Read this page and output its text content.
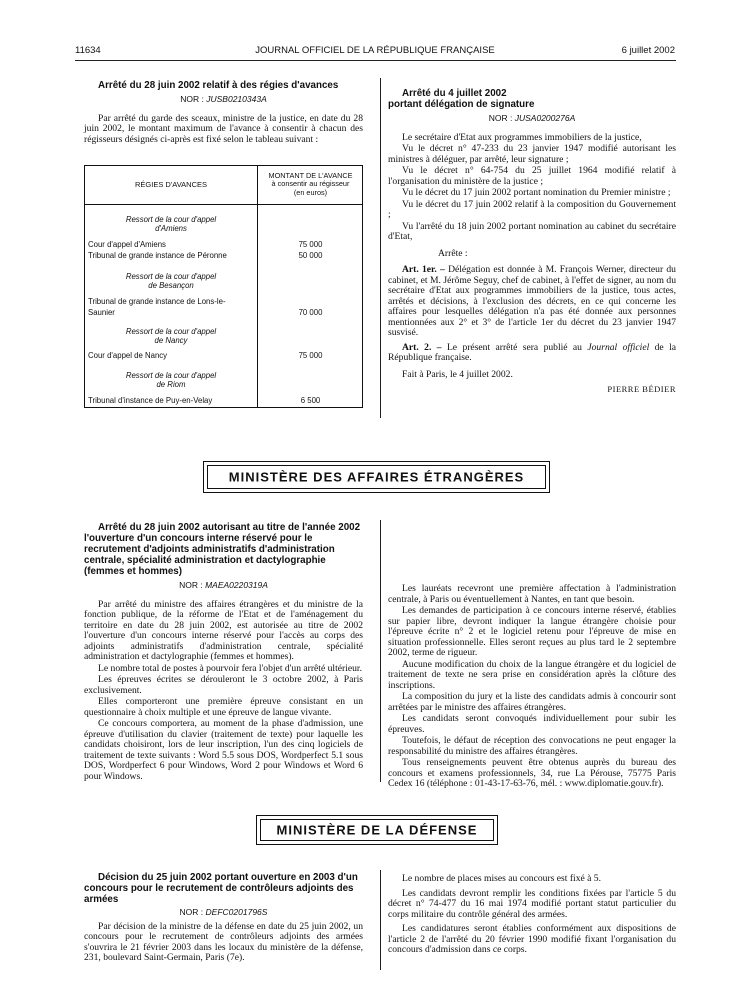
11634	JOURNAL OFFICIEL DE LA RÉPUBLIQUE FRANÇAISE	6 juillet 2002

Arrêté du 28 juin 2002 relatif à des régies d'avances

NOR : JUSB0210343A

Par arrêté du garde des sceaux, ministre de la justice, en date du 28 juin 2002, le montant maximum de l'avance à consentir à chacun des régisseurs désignés ci-après est fixé selon le tableau suivant :

RÉGIES D'AVANCES
MONTANT DE L'AVANCE
à consentir au régisseur
(en euros)
Ressort de la cour d'appel
d'Amiens
Cour d'appel d'Amiens	75 000
Tribunal de grande instance de Péronne	50 000
Ressort de la cour d'appel
de Besançon
Tribunal de grande instance de Lons-le-
Saunier	70 000
Ressort de la cour d'appel
de Nancy
Cour d'appel de Nancy	75 000
Ressort de la cour d'appel
de Riom
Tribunal d'instance de Puy-en-Velay	6 500

Arrêté du 4 juillet 2002
portant délégation de signature

NOR : JUSA0200276A

Le secrétaire d'Etat aux programmes immobiliers de la justice,

Vu le décret n° 47-233 du 23 janvier 1947 modifié autorisant les ministres à déléguer, par arrêté, leur signature ;

Vu le décret n° 64-754 du 25 juillet 1964 modifié relatif à l'organisation du ministère de la justice ;

Vu le décret du 17 juin 2002 portant nomination du Premier ministre ;

Vu le décret du 17 juin 2002 relatif à la composition du Gouvernement ;

Vu l'arrêté du 18 juin 2002 portant nomination au cabinet du secrétaire d'Etat,

Arrête :

Art. 1er. – Délégation est donnée à M. François Werner, directeur du cabinet, et M. Jérôme Seguy, chef de cabinet, à l'effet de signer, au nom du secrétaire d'Etat aux programmes immobiliers de la justice, tous actes, arrêtés et décisions, à l'exclusion des décrets, en ce qui concerne les affaires pour lesquelles délégation n'a pas été donnée aux personnes mentionnées aux 2° et 3° de l'article 1er du décret du 23 janvier 1947 susvisé.

Art. 2. – Le présent arrêté sera publié au Journal officiel de la République française.

Fait à Paris, le 4 juillet 2002.

PIERRE BÉDIER
MINISTÈRE DES AFFAIRES ÉTRANGÈRES

Arrêté du 28 juin 2002 autorisant au titre de l'année 2002 l'ouverture d'un concours interne réservé pour le recrutement d'adjoints administratifs d'administration centrale, spécialité administration et dactylographie (femmes et hommes)

NOR : MAEA0220319A

Par arrêté du ministre des affaires étrangères et du ministre de la fonction publique, de la réforme de l'Etat et de l'aménagement du territoire en date du 28 juin 2002, est autorisée au titre de 2002 l'ouverture d'un concours interne réservé pour l'accès au corps des adjoints administratifs d'administration centrale, spécialité administration et dactylographie (femmes et hommes).

Le nombre total de postes à pourvoir fera l'objet d'un arrêté ultérieur.

Les épreuves écrites se dérouleront le 3 octobre 2002, à Paris exclusivement.

Elles comporteront une première épreuve consistant en un questionnaire à choix multiple et une épreuve de langue vivante.

Ce concours comportera, au moment de la phase d'admission, une épreuve d'utilisation du clavier (traitement de texte) pour laquelle les candidats choisiront, lors de leur inscription, l'un des cinq logiciels de traitement de texte suivants : Word 5.5 sous DOS, Wordperfect 5.1 sous DOS, Wordperfect 6 pour Windows, Word 2 pour Windows et Word 6 pour Windows.

Les lauréats recevront une première affectation à l'administration centrale, à Paris ou éventuellement à Nantes, en tant que besoin.

Les demandes de participation à ce concours interne réservé, établies sur papier libre, devront indiquer la langue étrangère choisie pour l'épreuve écrite n° 2 et le logiciel retenu pour l'épreuve de mise en situation professionnelle. Elles seront reçues au plus tard le 2 septembre 2002, terme de rigueur.

Aucune modification du choix de la langue étrangère et du logiciel de traitement de texte ne sera prise en considération après la clôture des inscriptions.

La composition du jury et la liste des candidats admis à concourir sont arrêtées par le ministre des affaires étrangères.

Les candidats seront convoqués individuellement pour subir les épreuves.

Toutefois, le défaut de réception des convocations ne peut engager la responsabilité du ministre des affaires étrangères.

Tous renseignements peuvent être obtenus auprès du bureau des concours et examens professionnels, 34, rue La Pérouse, 75775 Paris Cedex 16 (téléphone : 01-43-17-63-76, mél. : www.diplomatie.gouv.fr).

MINISTÈRE DE LA DÉFENSE

Décision du 25 juin 2002 portant ouverture en 2003 d'un concours pour le recrutement de contrôleurs adjoints des armées

NOR : DEFC0201796S

Par décision de la ministre de la défense en date du 25 juin 2002, un concours pour le recrutement de contrôleurs adjoints des armées s'ouvrira le 21 février 2003 dans les locaux du ministère de la défense, 231, boulevard Saint-Germain, Paris (7e).

Le nombre de places mises au concours est fixé à 5.

Les candidats devront remplir les conditions fixées par l'article 5 du décret n° 74-477 du 16 mai 1974 modifié portant statut particulier du corps militaire du contrôle général des armées.

Les candidatures seront établies conformément aux dispositions de l'article 2 de l'arrêté du 20 février 1990 modifié fixant l'organisation du concours d'admission dans ce corps.
